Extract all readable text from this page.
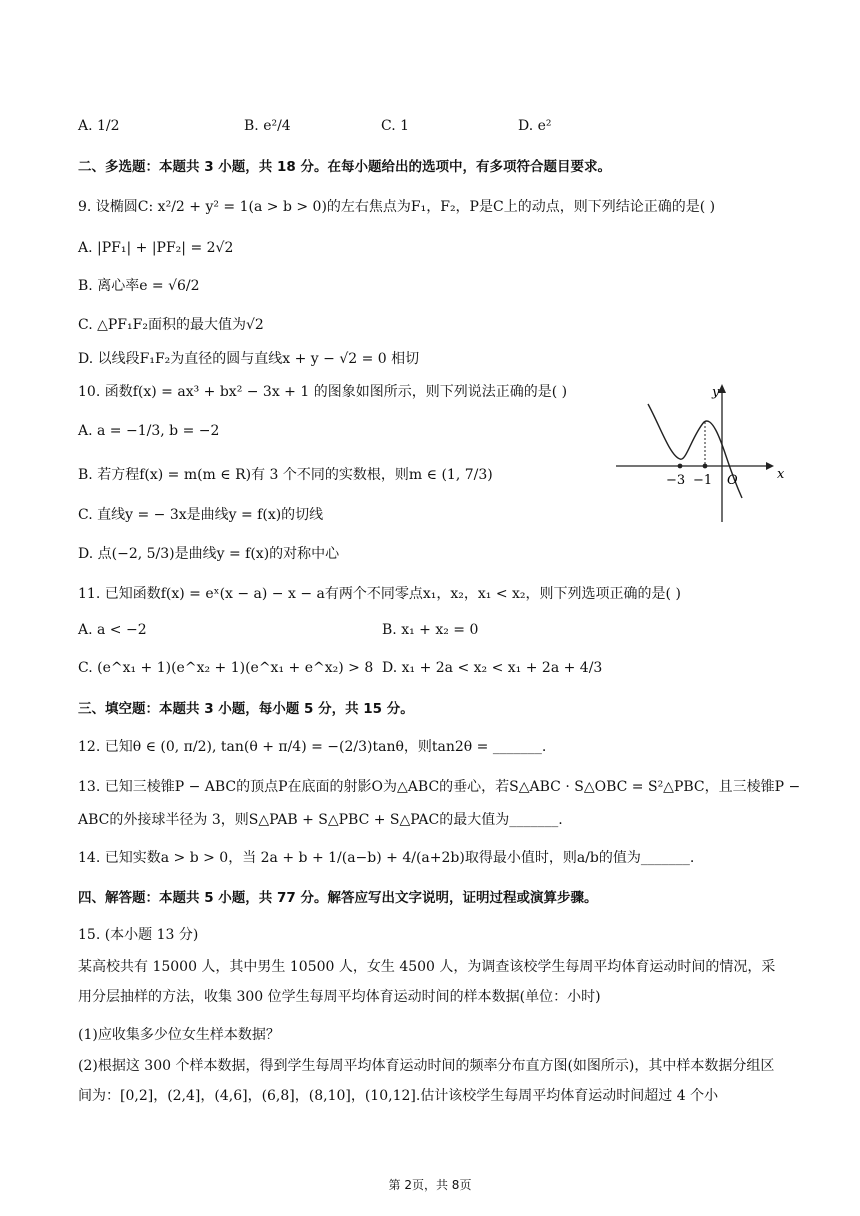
A. 1/2	B. e²/4	C. 1	D. e²
二、多选题：本题共 3 小题，共 18 分。在每小题给出的选项中，有多项符合题目要求。
9. 设椭圆C: x²/2 + y² = 1(a > b > 0)的左右焦点为F₁，F₂，P是C上的动点，则下列结论正确的是( )
A. |PF₁| + |PF₂| = 2√2
B. 离心率e = √6/2
C. △PF₁F₂面积的最大值为√2
D. 以线段F₁F₂为直径的圆与直线x + y − √2 = 0 相切
10. 函数f(x) = ax³ + bx² − 3x + 1 的图象如图所示，则下列说法正确的是( )
A. a = −1/3, b = −2
B. 若方程f(x) = m(m ∈ R)有 3 个不同的实数根，则m ∈ (1, 7/3)
C. 直线y = − 3x是曲线y = f(x)的切线
D. 点(−2, 5/3)是曲线y = f(x)的对称中心
x
y
−3 −1 O
11. 已知函数f(x) = eˣ(x − a) − x − a有两个不同零点x₁，x₂，x₁ < x₂，则下列选项正确的是( )
A. a < −2	B. x₁ + x₂ = 0
C. (e^x₁ + 1)(e^x₂ + 1)(e^x₁ + e^x₂) > 8 D. x₁ + 2a < x₂ < x₁ + 2a + 4/3
三、填空题：本题共 3 小题，每小题 5 分，共 15 分。
12. 已知θ ∈ (0, π/2), tan(θ + π/4) = −(2/3)tanθ，则tan2θ = _______.
13. 已知三棱锥P − ABC的顶点P在底面的射影O为△ABC的垂心，若S△ABC · S△OBC = S²△PBC，且三棱锥P −
ABC的外接球半径为 3，则S△PAB + S△PBC + S△PAC的最大值为_______.
14. 已知实数a > b > 0，当 2a + b + 1/(a−b) + 4/(a+2b)取得最小值时，则a/b的值为_______.
四、解答题：本题共 5 小题，共 77 分。解答应写出文字说明，证明过程或演算步骤。
15. (本小题 13 分)
某高校共有 15000 人，其中男生 10500 人，女生 4500 人，为调查该校学生每周平均体育运动时间的情况，采用分层抽样的方法，收集 300 位学生每周平均体育运动时间的样本数据(单位：小时)
(1)应收集多少位女生样本数据？
(2)根据这 300 个样本数据，得到学生每周平均体育运动时间的频率分布直方图(如图所示)，其中样本数据分组区间为：[0,2]，(2,4]，(4,6]，(6,8]，(8,10]，(10,12].估计该校学生每周平均体育运动时间超过 4 个小
第 2页，共 8页
